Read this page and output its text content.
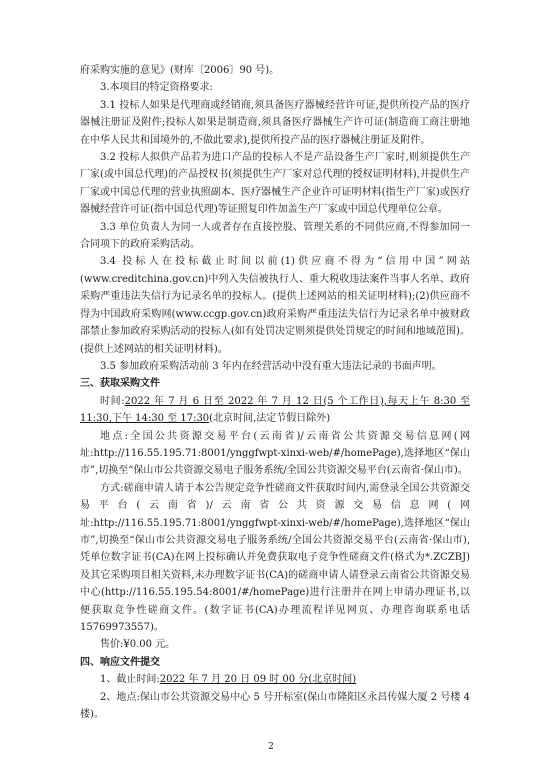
府采购实施的意见》(财库〔2006〕90 号)。

3.本项目的特定资格要求:

3.1 投标人如果是代理商或经销商,须具备医疗器械经营许可证,提供所投产品的医疗器械注册证及附件;投标人如果是制造商,须具备医疗器械生产许可证(制造商工商注册地在中华人民共和国境外的,不做此要求),提供所投产品的医疗器械注册证及附件。

3.2 投标人拟供产品若为进口产品的投标人不是产品设备生产厂家时,则须提供生产厂家(或中国总代理)的产品授权书(须提供生产厂家对总代理的授权证明材料),并提供生产厂家或中国总代理的营业执照副本、医疗器械生产企业许可证明材料(指生产厂家)或医疗器械经营许可证(指中国总代理)等证照复印件加盖生产厂家或中国总代理单位公章。

3.3 单位负责人为同一人或者存在直接控股、管理关系的不同供应商,不得参加同一合同项下的政府采购活动。

3.4 投标人在投标截止时间以前(1)供应商不得为“信用中国”网站(www.creditchina.gov.cn)中列入失信被执行人、重大税收违法案件当事人名单、政府采购严重违法失信行为记录名单的投标人。(提供上述网站的相关证明材料);(2)供应商不得为中国政府采购网(www.ccgp.gov.cn)政府采购严重违法失信行为记录名单中被财政部禁止参加政府采购活动的投标人(如有处罚决定则须提供处罚规定的时间和地域范围)。(提供上述网站的相关证明材料)。

3.5 参加政府采购活动前 3 年内在经营活动中没有重大违法记录的书面声明。

三、获取采购文件

时间:2022 年 7 月 6 日至 2022 年 7 月 12 日(5 个工作日),每天上午 8:30 至 11:30,下午 14:30 至 17:30(北京时间,法定节假日除外)

地点:全国公共资源交易平台(云南省)/云南省公共资源交易信息网(网址:http://116.55.195.71:8001/ynggfwpt-xinxi-web/#/homePage),选择地区“保山市”,切换至“保山市公共资源交易电子服务系统/全国公共资源交易平台(云南省·保山市)。

方式:磋商申请人请于本公告规定竞争性磋商文件获取时间内,需登录全国公共资源交易平台(云南省)/云南省公共资源交易信息网(网址:http://116.55.195.71:8001/ynggfwpt-xinxi-web/#/homePage),选择地区“保山市”,切换至“保山市公共资源交易电子服务系统/全国公共资源交易平台(云南省·保山市),凭单位数字证书(CA)在网上投标确认并免费获取电子竞争性磋商文件(格式为*.ZCZBJ)及其它采购项目相关资料,未办理数字证书(CA)的磋商申请人请登录云南省公共资源交易中心(http://116.55.195.54:8001/#/homePage)进行注册并在网上申请办理证书,以便获取竞争性磋商文件。(数字证书(CA)办理流程详见网页、办理咨询联系电话 15769973557)。

售价:¥0.00 元。

四、响应文件提交

1、截止时间:2022 年 7 月 20 日 09 时 00 分(北京时间)

2、地点:保山市公共资源交易中心 5 号开标室(保山市隆阳区永昌传媒大厦 2 号楼 4 楼)。

2
